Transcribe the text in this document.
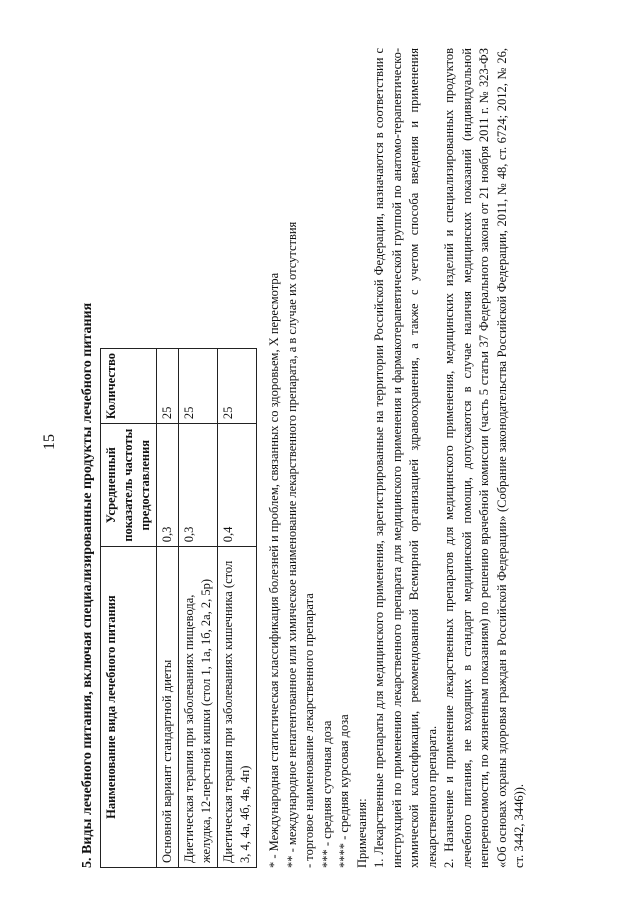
15 5. Виды лечебного питания, включая специализированные продукты лечебного питания Наименование вида лечебного питания	Усредненный показатель частоты предоставления	Количество
Основной вариант стандартной диеты	0,3	25
Диетическая терапия при заболеваниях пищевода, желудка, 12-перстной кишки (стол 1, 1а, 1б, 2а, 2, 5р)	0,3	25
Диетическая терапия при заболеваниях кишечника (стол 3, 4, 4а, 4б, 4в, 4п)	0,4	25	* - Международная статистическая классификация болезней и проблем, связанных со здоровьем, X пересмотра ** - международное непатентованное или химическое наименование лекарственного препарата, а в случае их отсутствия - торговое наименование лекарственного препарата *** - средняя суточная доза **** - средняя курсовая доза Примечания: 1. Лекарственные препараты для медицинского применения, зарегистрированные на территории Российской Федерации, назначаются в соответствии с инструкцией по применению лекарственного препарата для медицинского применения и фармакотерапевтической группой по анатомо-терапевтическо-химической классификации, рекомендованной Всемирной организацией здравоохранения, а также с учетом способа введения и применения лекарственного препарата. 2. Назначение и применение лекарственных препаратов для медицинского применения, медицинских изделий и специализированных продуктов лечебного питания, не входящих в стандарт медицинской помощи, допускаются в случае наличия медицинских показаний (индивидуальной непереносимости, по жизненным показаниям) по решению врачебной комиссии (часть 5 статьи 37 Федерального закона от 21 ноября 2011 г. № 323-ФЗ «Об основах охраны здоровья граждан в Российской Федерации» (Собрание законодательства Российской Федерации, 2011, № 48, ст. 6724; 2012, № 26, ст. 3442, 3446)).
